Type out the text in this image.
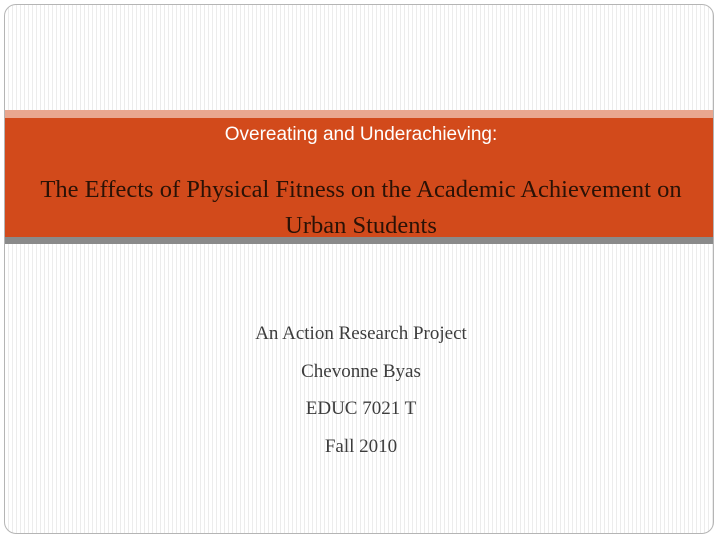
Overeating and Underachieving:
The Effects of Physical Fitness on the Academic Achievement on Urban Students
An Action Research Project
Chevonne Byas
EDUC 7021 T
Fall 2010
